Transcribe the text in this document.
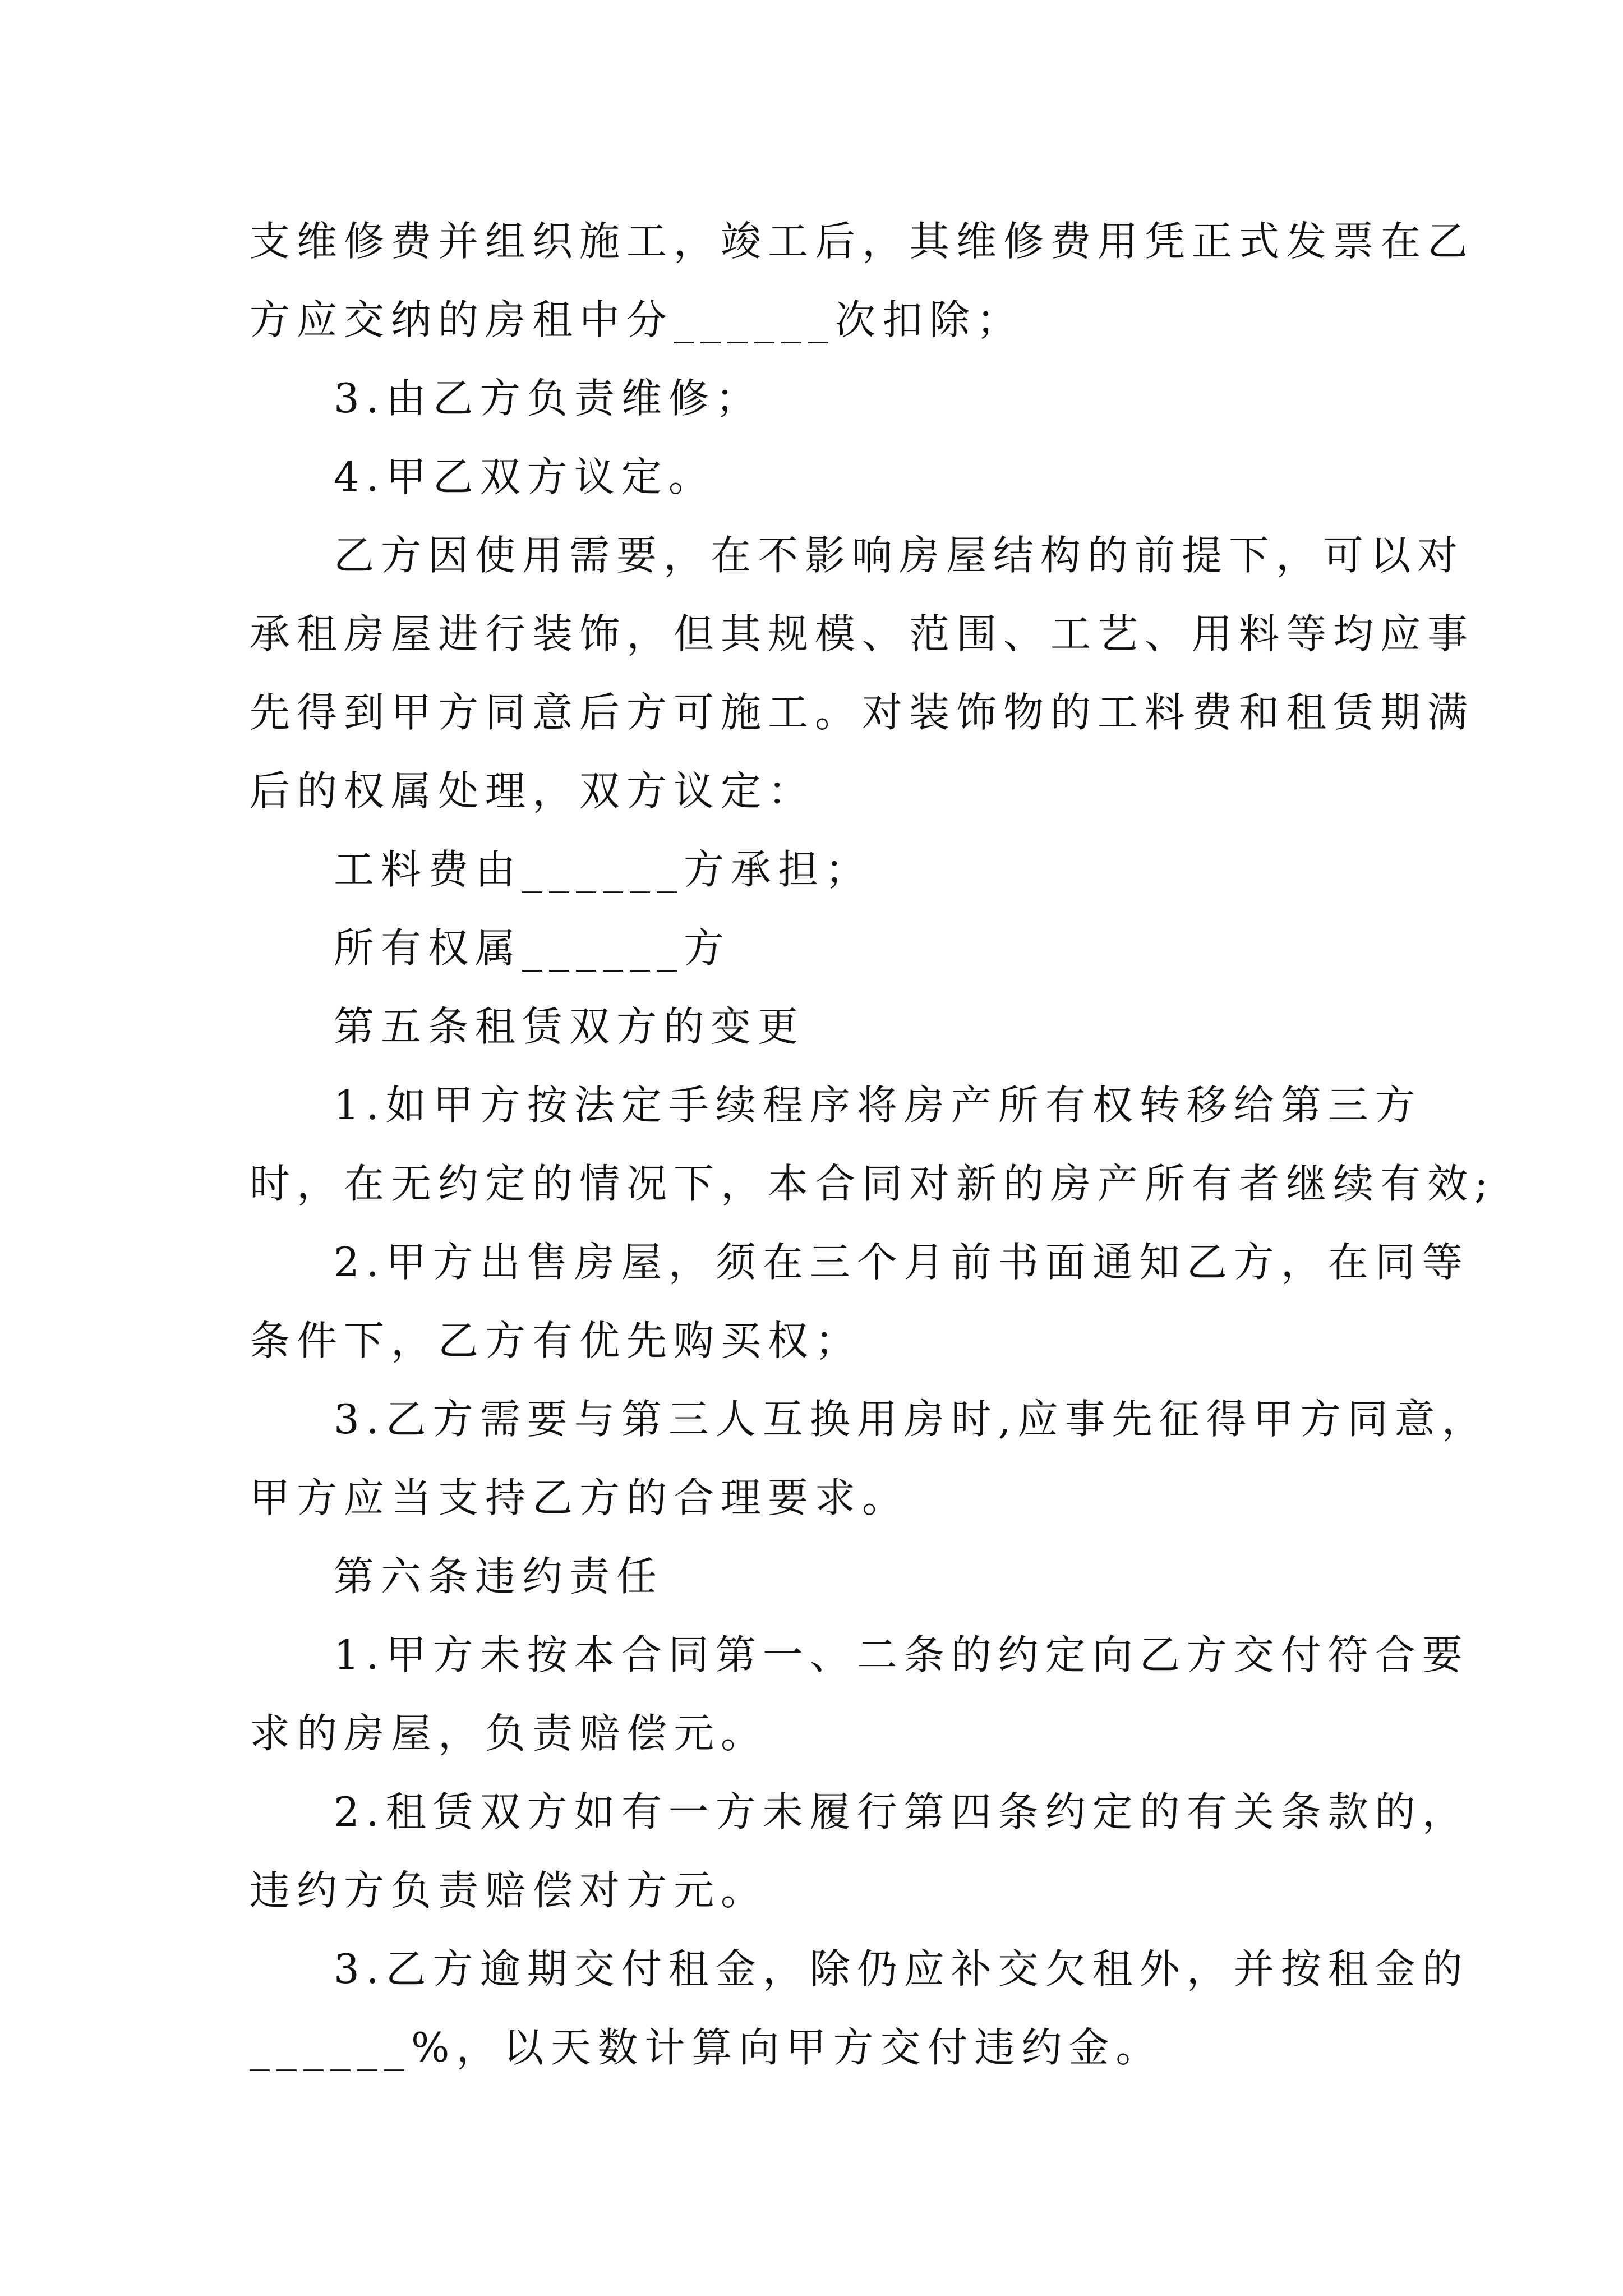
支维修费并组织施工，竣工后，其维修费用凭正式发票在乙
方应交纳的房租中分______次扣除；
3.由乙方负责维修；
4.甲乙双方议定。
乙方因使用需要，在不影响房屋结构的前提下，可以对
承租房屋进行装饰，但其规模、范围、工艺、用料等均应事
先得到甲方同意后方可施工。对装饰物的工料费和租赁期满
后的权属处理，双方议定：
工料费由______方承担；
所有权属______方
第五条租赁双方的变更
1.如甲方按法定手续程序将房产所有权转移给第三方
时，在无约定的情况下，本合同对新的房产所有者继续有效;
2.甲方出售房屋，须在三个月前书面通知乙方，在同等
条件下，乙方有优先购买权；
3.乙方需要与第三人互换用房时,应事先征得甲方同意，
甲方应当支持乙方的合理要求。
第六条违约责任
1.甲方未按本合同第一、二条的约定向乙方交付符合要
求的房屋，负责赔偿元。
2.租赁双方如有一方未履行第四条约定的有关条款的，
违约方负责赔偿对方元。
3.乙方逾期交付租金，除仍应补交欠租外，并按租金的
______%，以天数计算向甲方交付违约金。
